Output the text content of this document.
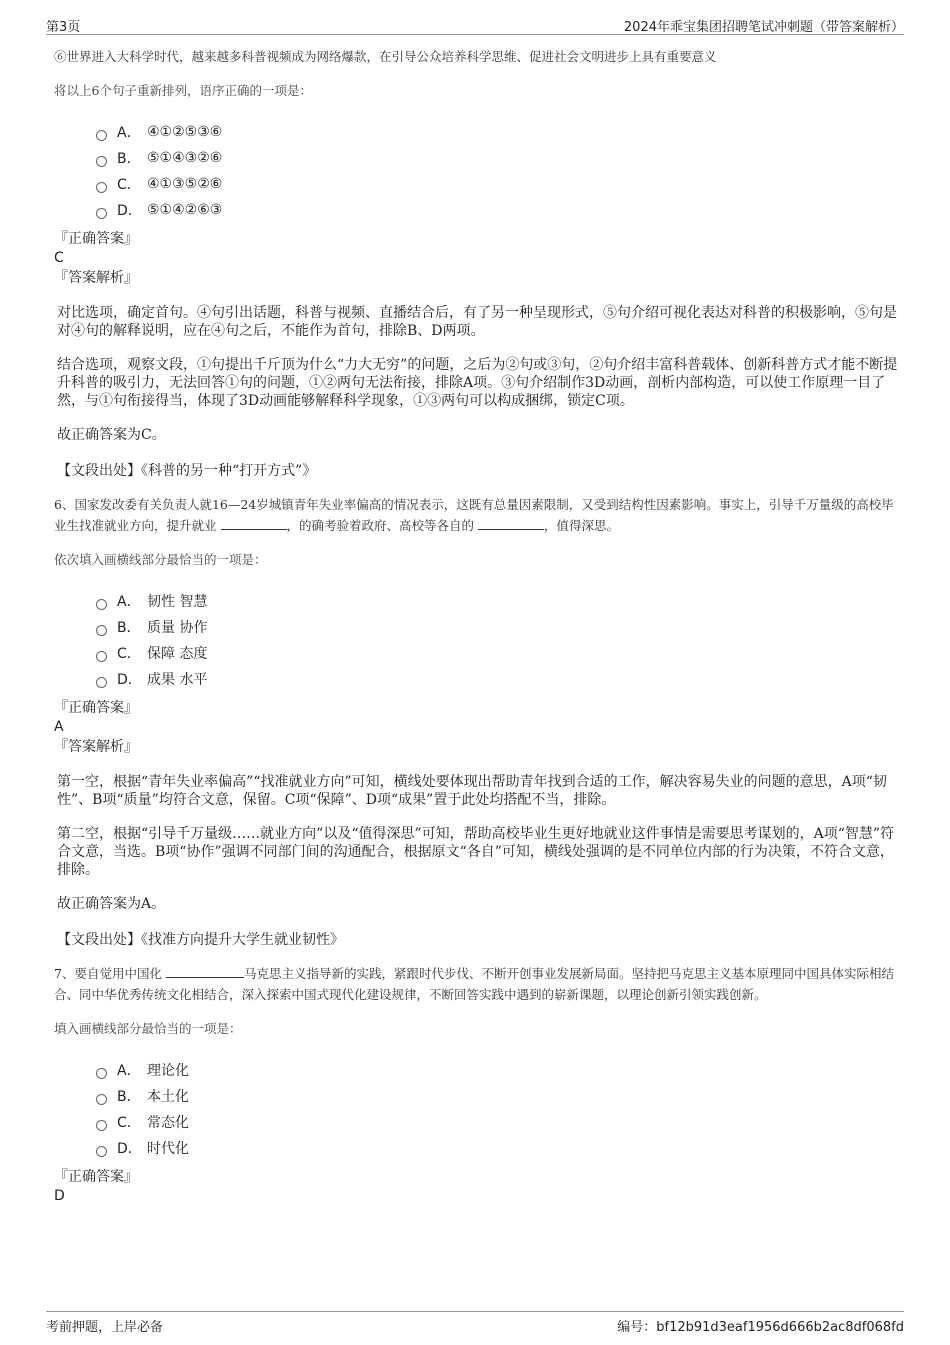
第3页	2024年乖宝集团招聘笔试冲刺题（带答案解析）
⑥世界进入大科学时代，越来越多科普视频成为网络爆款，在引导公众培养科学思维、促进社会文明进步上具有重要意义
将以上6个句子重新排列，语序正确的一项是：
A． ④①②⑤③⑥
B． ⑤①④③②⑥
C． ④①③⑤②⑥
D． ⑤①④②⑥③
『正确答案』
C
『答案解析』

对比选项，确定首句。④句引出话题，科普与视频、直播结合后，有了另一种呈现形式，⑤句介绍可视化表达对科普的积极影响，⑤句是对④句的解释说明，应在④句之后，不能作为首句，排除B、D两项。

结合选项，观察文段，①句提出千斤顶为什么“力大无穷”的问题，之后为②句或③句，②句介绍丰富科普载体、创新科普方式才能不断提升科普的吸引力，无法回答①句的问题，①②两句无法衔接，排除A项。③句介绍制作3D动画，剖析内部构造，可以使工作原理一目了然，与①句衔接得当，体现了3D动画能够解释科学现象，①③两句可以构成捆绑，锁定C项。

故正确答案为C。

【文段出处】《科普的另一种“打开方式”》
6、国家发改委有关负责人就16—24岁城镇青年失业率偏高的情况表示，这既有总量因素限制，又受到结构性因素影响。事实上，引导千万量级的高校毕业生找准就业方向，提升就业	，的确考验着政府、高校等各自的	，值得深思。
依次填入画横线部分最恰当的一项是：
A． 韧性 智慧
B． 质量 协作
C． 保障 态度
D． 成果 水平
『正确答案』
A
『答案解析』

第一空，根据“青年失业率偏高”“找准就业方向”可知，横线处要体现出帮助青年找到合适的工作，解决容易失业的问题的意思，A项“韧性”、B项“质量”均符合文意，保留。C项“保障”、D项“成果”置于此处均搭配不当，排除。

第二空，根据“引导千万量级……就业方向”以及“值得深思”可知，帮助高校毕业生更好地就业这件事情是需要思考谋划的，A项“智慧”符合文意，当选。B项“协作”强调不同部门间的沟通配合，根据原文“各自”可知，横线处强调的是不同单位内部的行为决策，不符合文意，排除。

故正确答案为A。

【文段出处】《找准方向提升大学生就业韧性》
7、要自觉用中国化	马克思主义指导新的实践，紧跟时代步伐、不断开创事业发展新局面。坚持把马克思主义基本原理同中国具体实际相结合、同中华优秀传统文化相结合，深入探索中国式现代化建设规律，不断回答实践中遇到的崭新课题，以理论创新引领实践创新。
填入画横线部分最恰当的一项是：
A． 理论化
B． 本土化
C． 常态化
D． 时代化
『正确答案』
D
考前押题，上岸必备	编号：bf12b91d3eaf1956d666b2ac8df068fd
